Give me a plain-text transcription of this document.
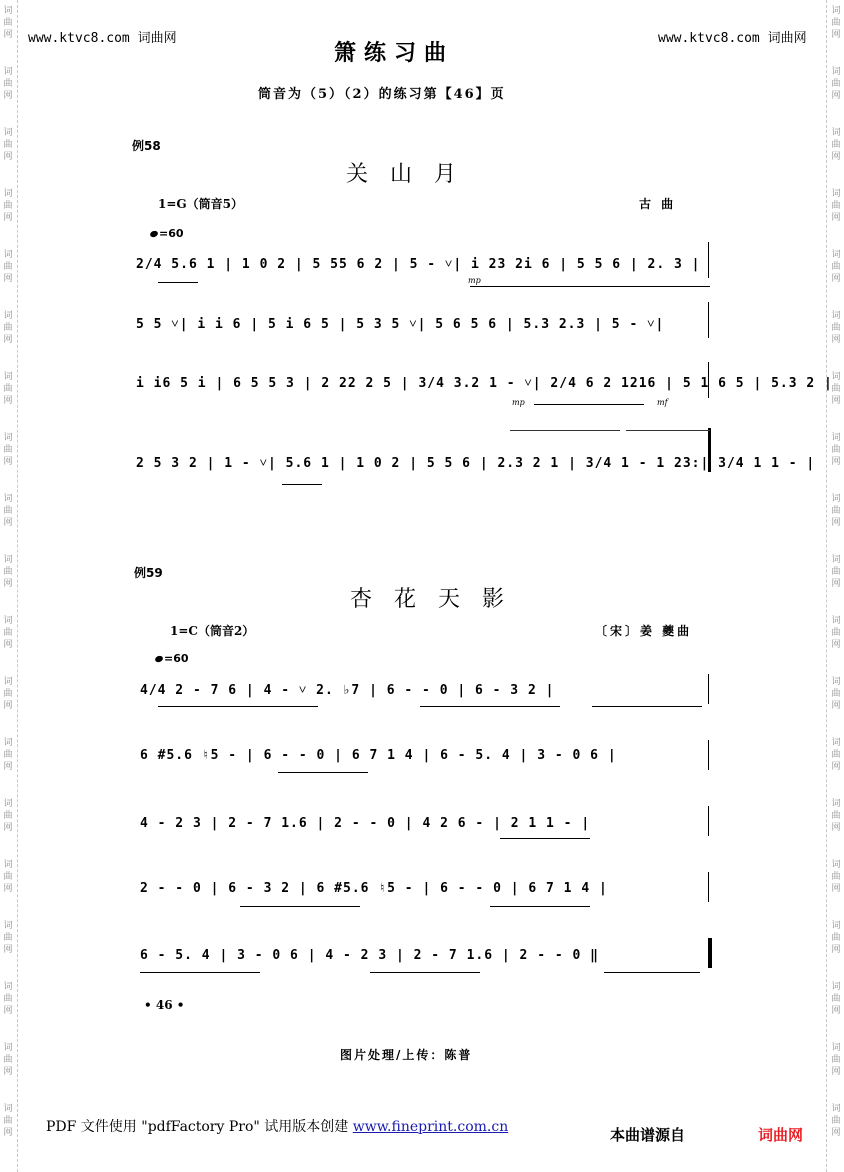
词
曲
网
词
曲
网
词
曲
网
词
曲
网
词
曲
网
词
曲
网
词
曲
网
词
曲
网
词
曲
网
词
曲
网
词
曲
网
词
曲
网
词
曲
网
词
曲
网
词
曲
网
词
曲
网
词
曲
网
词
曲
网
词
曲
网
词
曲
网
词
曲
网
词
曲
网
词
曲
网
词
曲
网
词
曲
网
词
曲
网
词
曲
网
词
曲
网
词
曲
网
词
曲
网
词
曲
网
词
曲
网
词
曲
网
词
曲
网
词
曲
网
词
曲
网
词
曲
网
词
曲
网
www.ktvc8.com 词曲网	www.ktvc8.com 词曲网
箫练习曲
筒音为（5）（2）的练习第【46】页
例58
关山月
1=G（筒音5）	古 曲
=60
2/4 5.6 1 | 1 0 2 | 5 55 6 2 | 5 - ˅| i 23 2i 6 | 5 5 6 | 2. 3 |
5 5 ˅| i i 6 | 5 i 6 5 | 5 3 5 ˅| 5 6 5 6 | 5.3 2.3 | 5 - ˅|
i i6 5 i | 6 5 5 3 | 2 22 2 5 | 3/4 3.2 1 - ˅| 2/4 6 2 1216 | 5 1 6 5 | 5.3 2 |
2 5 3 2 | 1 - ˅| 5.6 1 | 1 0 2 | 5 5 6 | 2.3 2 1 | 3/4 1 - 1 23:| 3/4 1 1 - |
mp
mp	mf
例59
杏花天影
1=C（筒音2）	〔宋〕姜 夔曲
=60
4/4 2 - 7 6 | 4 - ˅ 2. ♭7 | 6 - - 0 | 6 - 3 2 |
6 #5.6 ♮5 - | 6 - - 0 | 6 7 1 4 | 6 - 5. 4 | 3 - 0 6 |
4 - 2 3 | 2 - 7 1.6 | 2 - - 0 | 4 2 6 - | 2 1 1 - |
2 - - 0 | 6 - 3 2 | 6 #5.6 ♮5 - | 6 - - 0 | 6 7 1 4 |
6 - 5. 4 | 3 - 0 6 | 4 - 2 3 | 2 - 7 1.6 | 2 - - 0 ‖
• 46 •
图片处理/上传：陈普
PDF 文件使用 "pdfFactory Pro" 试用版本创建 www.fineprint.com.cn	本曲谱源自	词曲网
